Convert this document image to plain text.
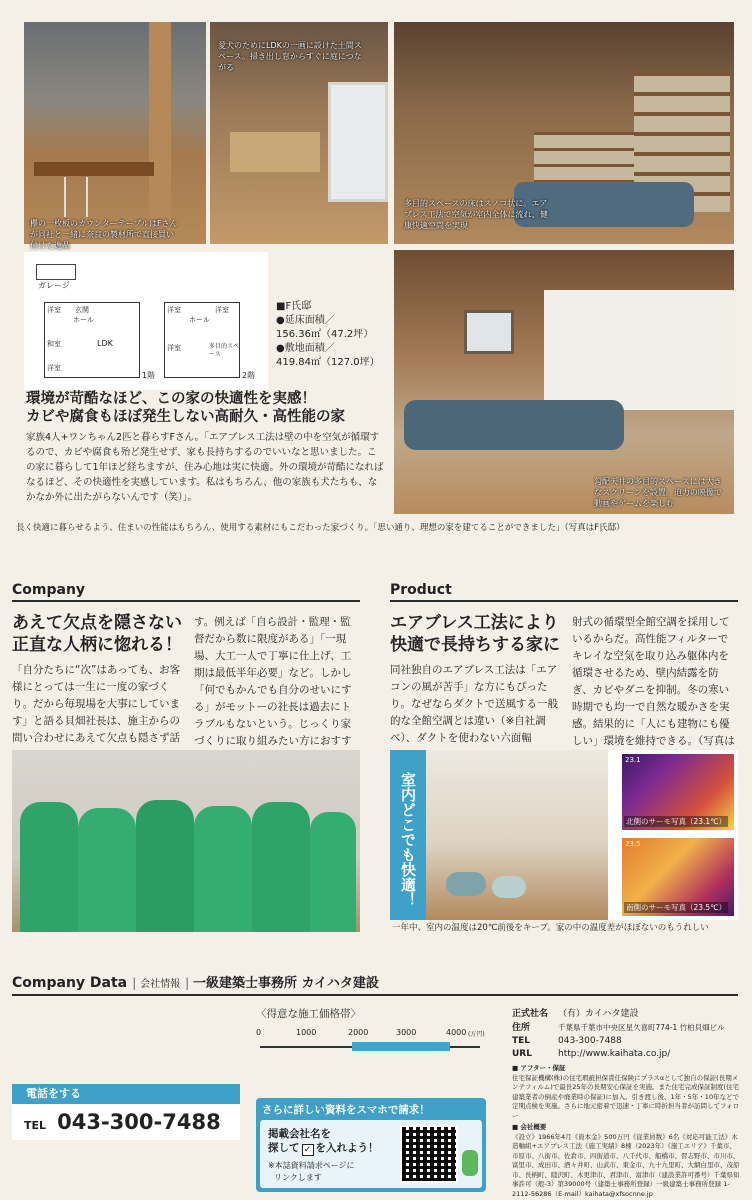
欅の一枚板のカウンターテーブルはFさんが同社と一緒に奈良の製材所で直接買い付けた逸品
愛犬のためにLDKの一画に設けた土間スペース。掃き出し窓からすぐに庭につながる
多目的スペースの床はスノコ状に。エアブレス工法で空気が室内全体に流れ、健康快適空間を実現
ガレージ
洋室 玄関
ホール
和室	LDK
洋室
1階
洋室
ホール
洋室
洋室	多目的スペース
2階
■F氏邸
●延床面積／
156.36㎡（47.2坪）
●敷地面積／
419.84㎡（127.0坪）
勾配天井の多目的スペースには大きなスクリーンを設置。迫力の映像で動画やゲームを楽しむ
環境が苛酷なほど、この家の快適性を実感！
カビや腐食もほぼ発生しない高耐久・高性能の家
家族4人+ワンちゃん2匹と暮らすFさん。「エアブレス工法は壁の中を空気が循環するので、カビや腐食も殆ど発生せず、家も長持ちするのでいいなと思いました。この家に暮らして1年ほど経ちますが、住み心地は実に快適。外の環境が苛酷になればなるほど、その快適性を実感しています。私はもちろん、他の家族も犬たちも、なかなか外に出たがらないんです（笑）」。
長く快適に暮らせるよう、住まいの性能はもちろん、使用する素材にもこだわった家づくり。「思い通り、理想の家を建てることができました」（写真はF氏邸）
Company
あえて欠点を隠さない
正直な人柄に惚れる！
「自分たちに“次”はあっても、お客様にとっては一生に一度の家づくり。だから毎現場を大事にしています」と語る貝畑社長は、施主からの問い合わせにあえて欠点も隠さず話
す。例えば「自ら設計・監理・監督だから数に限度がある」「一現場、大工一人で丁寧に仕上げ、工期は最低半年必要」など。しかし「何でもかんでも自分のせいにする」がモットーの社長は過去にトラブルもないという。じっくり家づくりに取り組みたい方におすす
Product
エアブレス工法により
快適で長持ちする家に
同社独自のエアブレス工法は「エアコンの風が苦手」な方にもぴったり。なぜならダクトで送風する一般的な全館空調とは違い（※自社調べ）、ダクトを使わない六面輻
射式の循環型全館空調を採用しているからだ。高性能フィルターでキレイな空気を取り込み躯体内を循環させるため、壁内結露を防ぎ、カビやダニを抑制。冬の寒い時期でも均一で自然な暖かさを実感。結果的に「人にも建物にも優しい」環境を維持できる。（写真は
室内どこでも快適！
23.1
北側のサーモ写真（23.1℃）
23.5
南側のサーモ写真（23.5℃）
一年中、室内の温度は20℃前後をキープ。家の中の温度差がほぼないのもうれしい
Company Data | 会社情報 | 一級建築士事務所 カイハタ建設
〈得意な施工価格帯〉
0	1000	2000	3000	4000 (万円)
正式社名 （有）カイハタ建設
住所	千葉県千葉市中央区星久喜町774-1 竹柏貝畑ビル
TEL	043-300-7488
URL	http://www.kaihata.co.jp/
■ アフター・保証
住宅保証機構(株)の住宅瑕疵担保責任保険にプラスαとして独自の保証(長期メンテフィルム)で最長25年の長期安心保証を実施。また住宅完成保証制度(住宅建築業者の倒産や廃業時の保証)に加入。引き渡し後、1年・5年・10年などで定期点検を実施。さらに地元密着で迅速・丁寧に時折担当者が訪問してフォロー
■ 会社概要
《設立》1966年4月《資本金》500万円《従業員数》6名《対応可能工法》木造軸組+エアブレス工法《施工実績》8棟（2023年）《施工エリア》千葉市、市原市、八街市、佐倉市、四街道市、八千代市、船橋市、習志野市、市川市、富里市、成田市、酒々井町、山武市、東金市、九十九里町、大網白里市、茂原市、長柄町、睦沢町、木更津市、君津市、富津市（建設業許可番号）千葉県知事許可（般-3）第39000号（建築士事務所登録）一級建築士事務所登録 1-2112-56286（E-mail）kaihata@xfsocnne.jp
電話をする
TEL 043-300-7488	さらに詳しい資料をスマホで請求！
掲載会社名を
探して ✓ を入れよう！
※本誌資料請求ページに
リンクします
